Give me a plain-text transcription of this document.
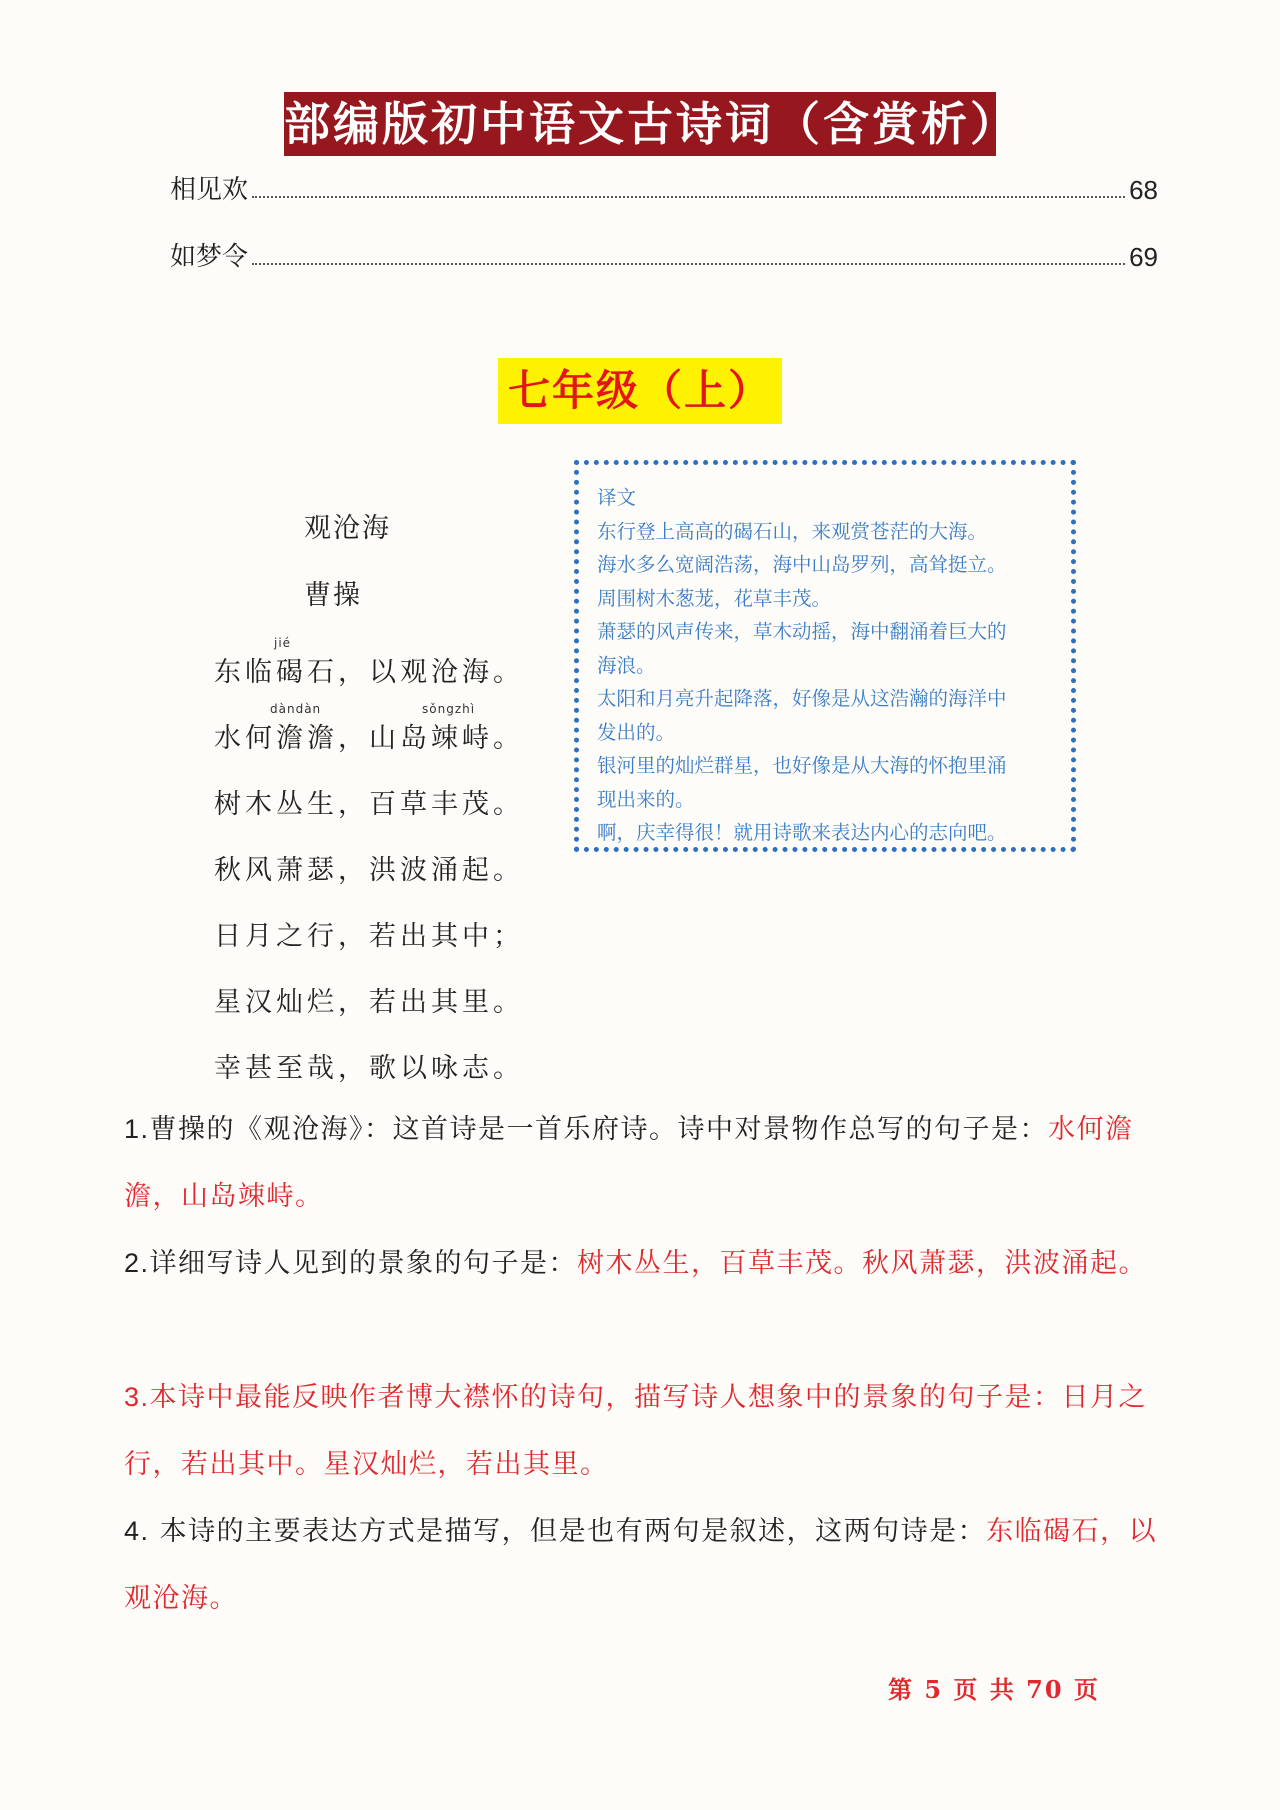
部编版初中语文古诗词（含赏析）
相见欢	68
如梦令	69
七年级（上）
观沧海
曹操
jié
dàndàn	sǒngzhì
东临碣石，以观沧海。
水何澹澹，山岛竦峙。
树木丛生，百草丰茂。
秋风萧瑟，洪波涌起。
日月之行，若出其中；
星汉灿烂，若出其里。
幸甚至哉，歌以咏志。
译文
东行登上高高的碣石山，来观赏苍茫的大海。
海水多么宽阔浩荡，海中山岛罗列，高耸挺立。
周围树木葱茏，花草丰茂。
萧瑟的风声传来，草木动摇，海中翻涌着巨大的
海浪。
太阳和月亮升起降落，好像是从这浩瀚的海洋中
发出的。
银河里的灿烂群星，也好像是从大海的怀抱里涌
现出来的。
啊，庆幸得很！就用诗歌来表达内心的志向吧。
1.曹操的《观沧海》：这首诗是一首乐府诗。诗中对景物作总写的句子是：水何澹澹，山岛竦峙。
2.详细写诗人见到的景象的句子是：树木丛生，百草丰茂。秋风萧瑟，洪波涌起。
3.本诗中最能反映作者博大襟怀的诗句，描写诗人想象中的景象的句子是：日月之行，若出其中。星汉灿烂，若出其里。
4. 本诗的主要表达方式是描写，但是也有两句是叙述，这两句诗是：东临碣石，以观沧海。
第 5 页 共 70 页
